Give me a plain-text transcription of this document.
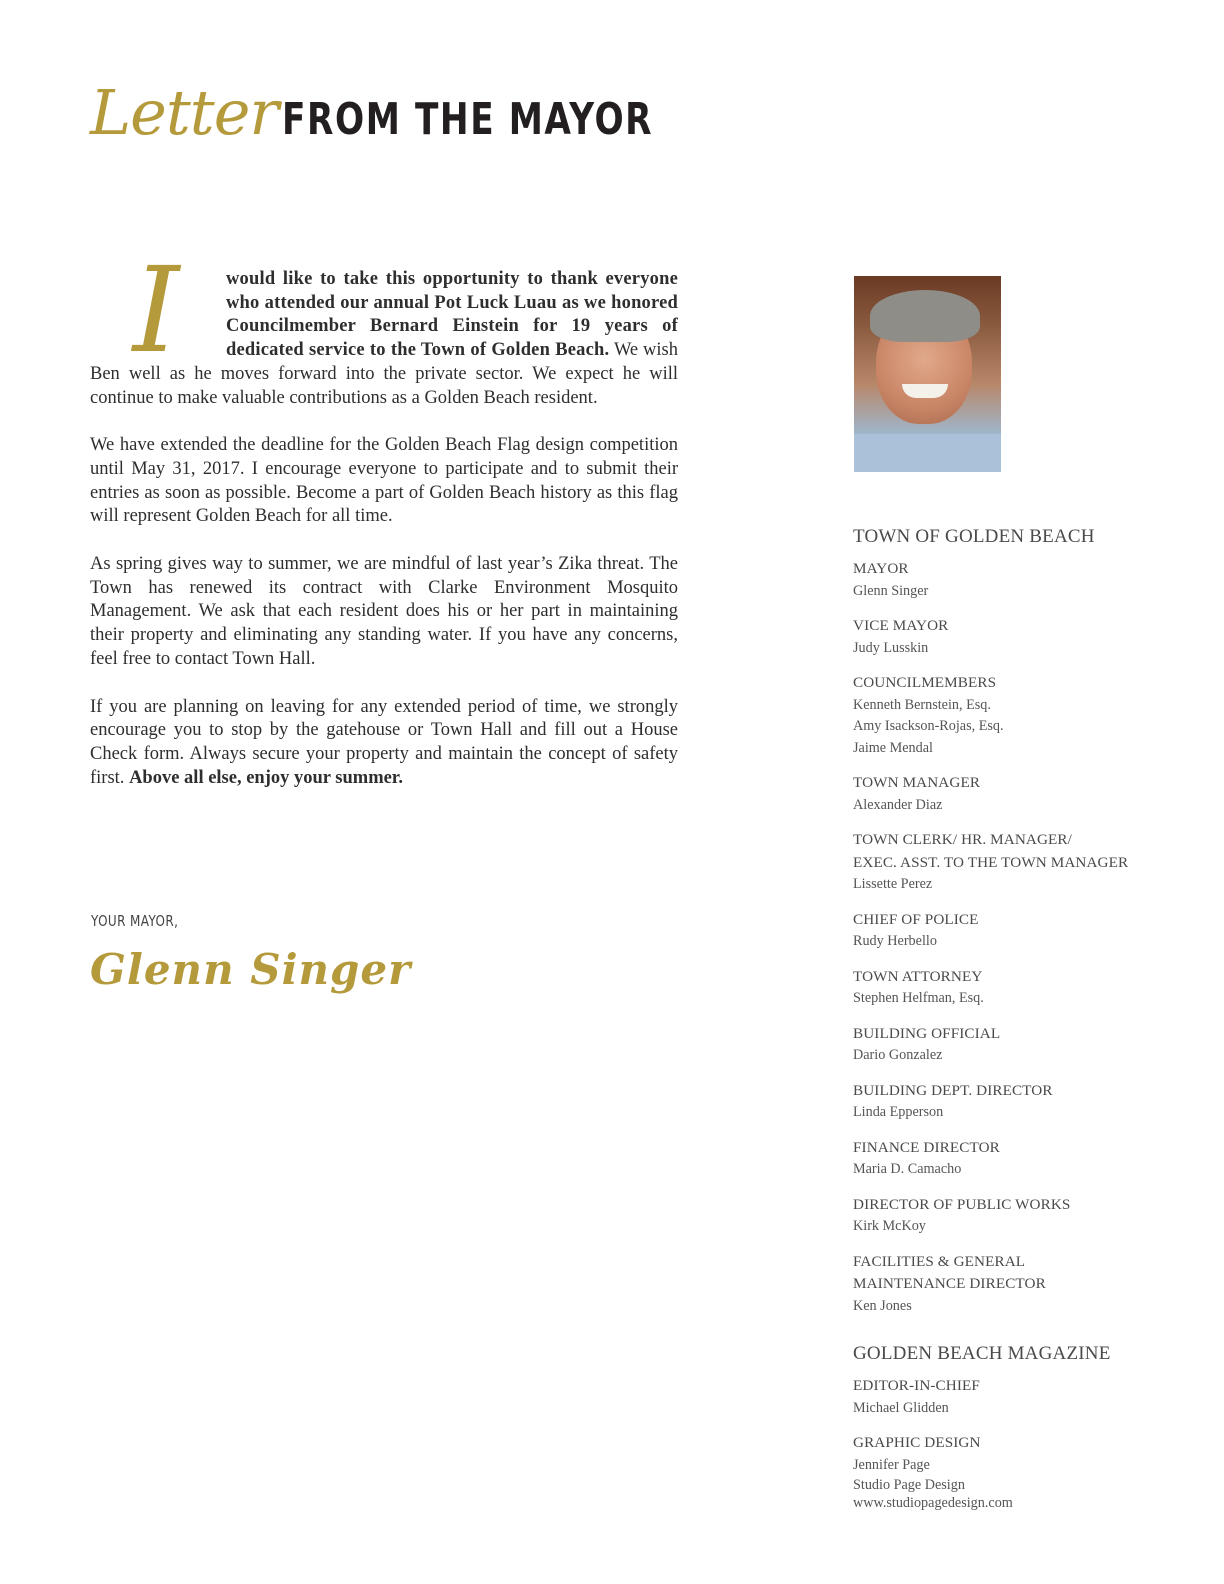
LetterFROM THE MAYOR

I	would like to take this opportunity to thank everyone who attended our annual Pot Luck Luau as we honored Councilmember Bernard Einstein for 19 years of dedicated service to the Town of Golden Beach. We wish Ben well as he moves forward into the private sector. We expect he will continue to make valuable contributions as a Golden Beach resident.

We have extended the deadline for the Golden Beach Flag design competition until May 31, 2017. I encourage everyone to participate and to submit their entries as soon as possible. Become a part of Golden Beach history as this flag will represent Golden Beach for all time.

As spring gives way to summer, we are mindful of last year’s Zika threat. The Town has renewed its contract with Clarke Environment Mosquito Management. We ask that each resident does his or her part in maintaining their property and eliminating any standing water. If you have any concerns, feel free to contact Town Hall.

If you are planning on leaving for any extended period of time, we strongly encourage you to stop by the gatehouse or Town Hall and fill out a House Check form. Always secure your property and maintain the concept of safety first. Above all else, enjoy your summer.

YOUR MAYOR,
Glenn Singer
TOWN OF GOLDEN BEACH
MAYOR
Glenn Singer
VICE MAYOR
Judy Lusskin
COUNCILMEMBERS
Kenneth Bernstein, Esq.
Amy Isackson-Rojas, Esq.
Jaime Mendal
TOWN MANAGER
Alexander Diaz
TOWN CLERK/ HR. MANAGER/
EXEC. ASST. TO THE TOWN MANAGER
Lissette Perez
CHIEF OF POLICE
Rudy Herbello
TOWN ATTORNEY
Stephen Helfman, Esq.
BUILDING OFFICIAL
Dario Gonzalez
BUILDING DEPT. DIRECTOR
Linda Epperson
FINANCE DIRECTOR
Maria D. Camacho
DIRECTOR OF PUBLIC WORKS
Kirk McKoy
FACILITIES & GENERAL
MAINTENANCE DIRECTOR
Ken Jones
GOLDEN BEACH MAGAZINE
EDITOR-IN-CHIEF
Michael Glidden
GRAPHIC DESIGN
Jennifer Page
Studio Page Design
www.studiopagedesign.com
